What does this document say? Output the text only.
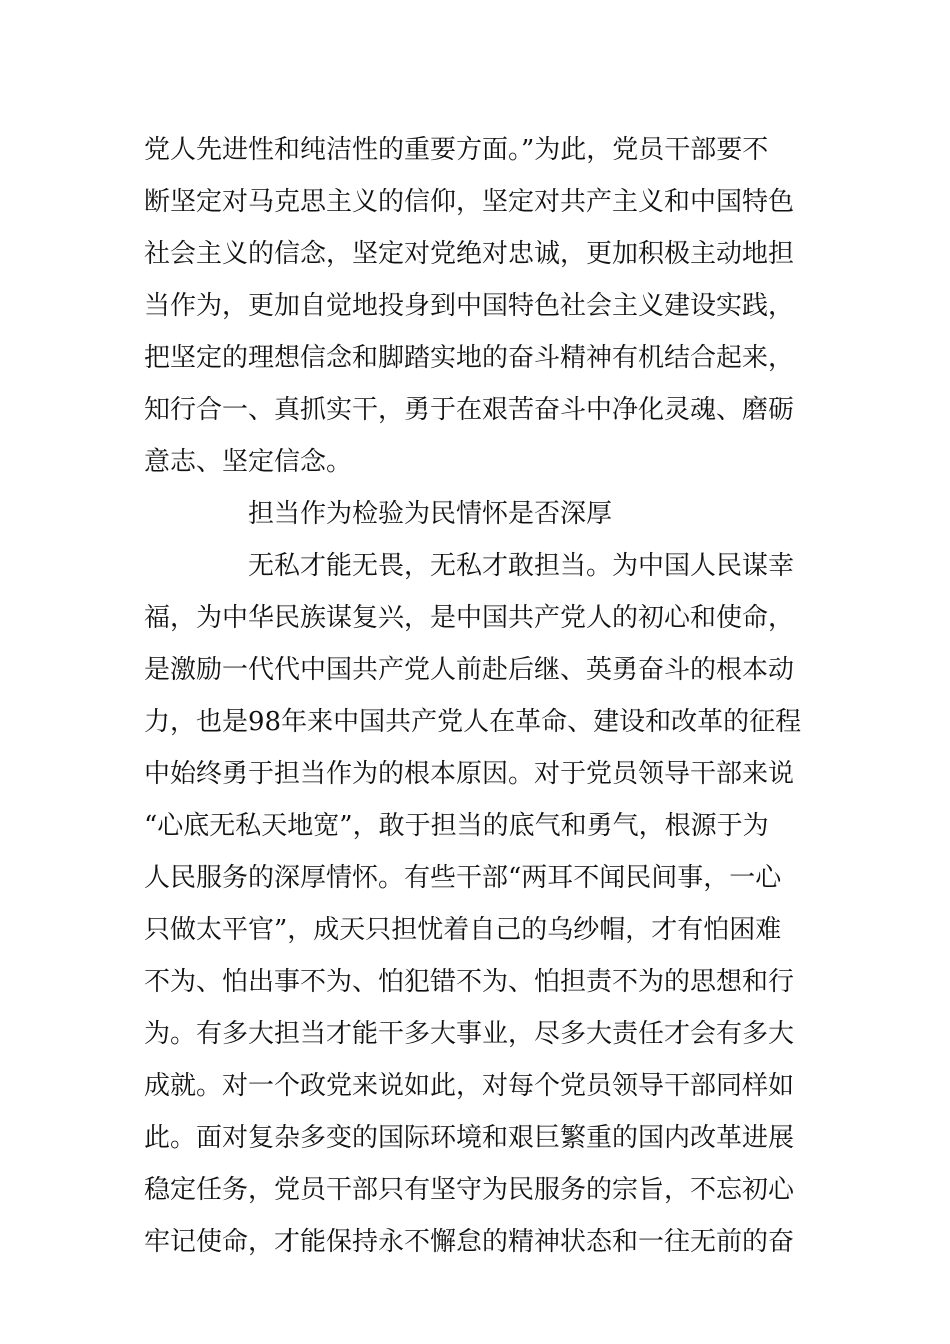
党人先进性和纯洁性的重要方面。”为此，党员干部要不
断坚定对马克思主义的信仰，坚定对共产主义和中国特色
社会主义的信念，坚定对党绝对忠诚，更加积极主动地担
当作为，更加自觉地投身到中国特色社会主义建设实践，
把坚定的理想信念和脚踏实地的奋斗精神有机结合起来，
知行合一、真抓实干，勇于在艰苦奋斗中净化灵魂、磨砺
意志、坚定信念。
担当作为检验为民情怀是否深厚
无私才能无畏，无私才敢担当。为中国人民谋幸
福，为中华民族谋复兴，是中国共产党人的初心和使命，
是激励一代代中国共产党人前赴后继、英勇奋斗的根本动
力，也是98年来中国共产党人在革命、建设和改革的征程
中始终勇于担当作为的根本原因。对于党员领导干部来说
“心底无私天地宽”，敢于担当的底气和勇气，根源于为
人民服务的深厚情怀。有些干部“两耳不闻民间事，一心
只做太平官”，成天只担忧着自己的乌纱帽，才有怕困难
不为、怕出事不为、怕犯错不为、怕担责不为的思想和行
为。有多大担当才能干多大事业，尽多大责任才会有多大
成就。对一个政党来说如此，对每个党员领导干部同样如
此。面对复杂多变的国际环境和艰巨繁重的国内改革进展
稳定任务，党员干部只有坚守为民服务的宗旨，不忘初心
牢记使命，才能保持永不懈怠的精神状态和一往无前的奋
